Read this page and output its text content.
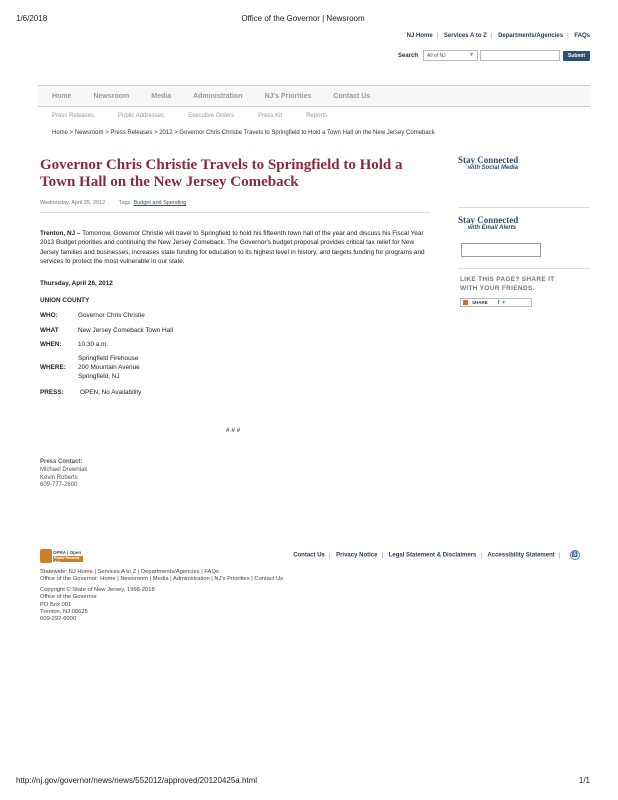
1/6/2018	Office of the Governor | Newsroom
NJ Home | Services A to Z | Departments/Agencies | FAQs
Search	All of NJ	▼	Submit
Home	Newsroom	Media	Administration	NJ's Priorities	Contact Us
Press Releases	Public Addresses	Executive Orders	Press Kit	Reports
Home > Newsroom > Press Releases > 2012 > Governor Chris Christie Travels to Springfield to Hold a Town Hall on the New Jersey Comeback
Governor Chris Christie Travels to Springfield to Hold a Town Hall on the New Jersey Comeback
Wednesday, April 25, 2012 Tags: Budget and Spending

Trenton, NJ – Tomorrow, Governor Christie will travel to Springfield to hold his fifteenth town hall of the year and discuss his Fiscal Year 2013 Budget priorities and continuing the New Jersey Comeback. The Governor's budget proposal provides critical tax relief for New Jersey families and businesses, increases state funding for education to its highest level in history, and targets funding for programs and services to protect the most vulnerable in our state.

Thursday, April 26, 2012
UNION COUNTY
WHO:	Governor Chris Christie
WHAT	New Jersey Comeback Town Hall
WHEN:	10:30 a.m.
WHERE:
Springfield Firehouse
200 Mountain Avenue
Springfield, NJ
PRESS:	OPEN, No Availability
# # #
Press Contact:
Michael Drewniak
Kevin Roberts
609-777-2600
Stay Connected
with Social Media
Stay Connected
with Email Alerts
LIKE THIS PAGE? SHARE IT
WITH YOUR FRIENDS.
SHARE f ✦
OPRA | Open
Public Records Act
Contact Us | Privacy Notice | Legal Statement & Disclaimers | Accessibility Statement | ♿
Statewide: NJ Home | Services A to Z | Departments/Agencies | FAQs
Office of the Governor: Home | Newsroom | Media | Administration | NJ's Priorities | Contact Us
Copyright © State of New Jersey, 1996-2018
Office of the Governor
PO Box 001
Trenton, NJ 08625
609-292-6000
http://nj.gov/governor/news/news/552012/approved/20120425a.html	1/1
